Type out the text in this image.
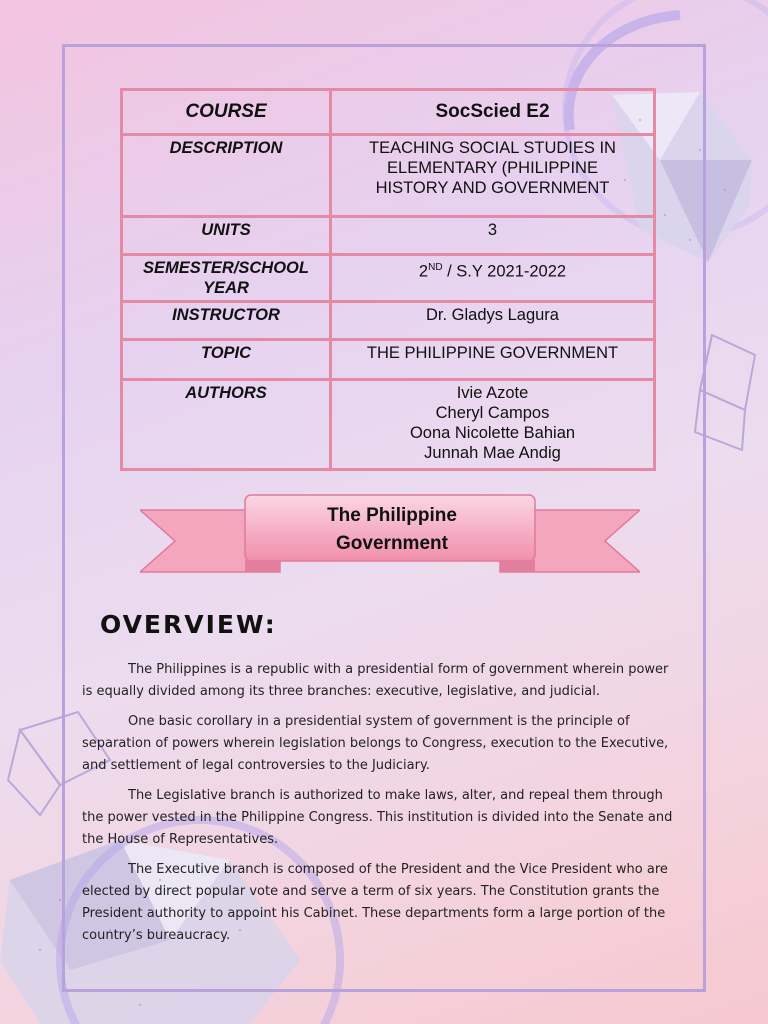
COURSE	SocScied E2
DESCRIPTION	TEACHING SOCIAL STUDIES IN ELEMENTARY (PHILIPPINE HISTORY AND GOVERNMENT
UNITS	3
SEMESTER/SCHOOL YEAR	2ND / S.Y 2021-2022
INSTRUCTOR	Dr. Gladys Lagura
TOPIC	THE PHILIPPINE GOVERNMENT
AUTHORS	Ivie Azote
Cheryl Campos
Oona Nicolette Bahian
Junnah Mae Andig
The Philippine
Government
OVERVIEW:

The Philippines is a republic with a presidential form of government wherein power is equally divided among its three branches: executive, legislative, and judicial.

One basic corollary in a presidential system of government is the principle of separation of powers wherein legislation belongs to Congress, execution to the Executive, and settlement of legal controversies to the Judiciary.

The Legislative branch is authorized to make laws, alter, and repeal them through the power vested in the Philippine Congress. This institution is divided into the Senate and the House of Representatives.

The Executive branch is composed of the President and the Vice President who are elected by direct popular vote and serve a term of six years. The Constitution grants the President authority to appoint his Cabinet. These departments form a large portion of the country’s bureaucracy.
